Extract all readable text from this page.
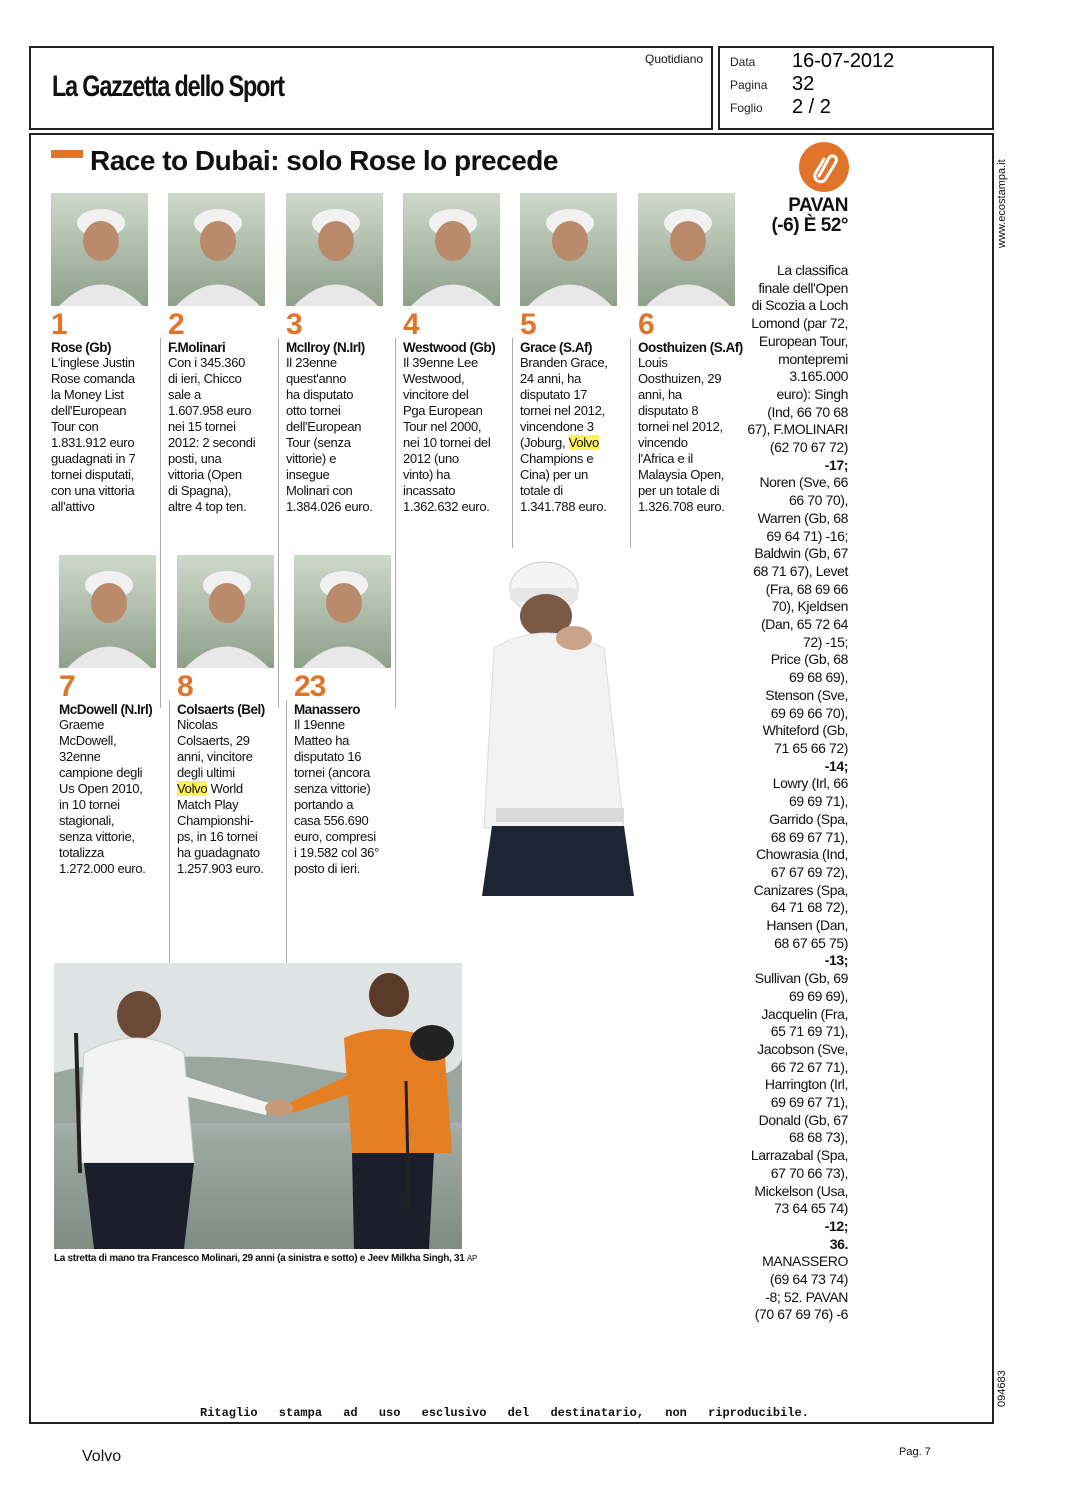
La Gazzetta dello Sport
Quotidiano Data 16-07-2012
Pagina 32
Foglio 2 / 2
www.ecostampa.it
094683
Race to Dubai: solo Rose lo precede
1
Rose (Gb)
L'inglese Justin
Rose comanda
la Money List
dell'European
Tour con
1.831.912 euro
guadagnati in 7
tornei disputati,
con una vittoria
all'attivo
2
F.Molinari
Con i 345.360
di ieri, Chicco
sale a
1.607.958 euro
nei 15 tornei
2012: 2 secondi
posti, una
vittoria (Open
di Spagna),
altre 4 top ten.
3
McIlroy (N.Irl)
Il 23enne
quest'anno
ha disputato
otto tornei
dell'European
Tour (senza
vittorie) e
insegue
Molinari con
1.384.026 euro.
4
Westwood (Gb)
Il 39enne Lee
Westwood,
vincitore del
Pga European
Tour nel 2000,
nei 10 tornei del
2012 (uno
vinto) ha
incassato
1.362.632 euro.
5
Grace (S.Af)
Branden Grace,
24 anni, ha
disputato 17
tornei nel 2012,
vincendone 3
(Joburg, Volvo
Champions e
Cina) per un
totale di
1.341.788 euro.
6
Oosthuizen (S.Af)
Louis
Oosthuizen, 29
anni, ha
disputato 8
tornei nel 2012,
vincendo
l'Africa e il
Malaysia Open,
per un totale di
1.326.708 euro.
7
McDowell (N.Irl)
Graeme
McDowell,
32enne
campione degli
Us Open 2010,
in 10 tornei
stagionali,
senza vittorie,
totalizza
1.272.000 euro.
8
Colsaerts (Bel)
Nicolas
Colsaerts, 29
anni, vincitore
degli ultimi
Volvo World
Match Play
Championshi-
ps, in 16 tornei
ha guadagnato
1.257.903 euro.
23
Manassero
Il 19enne
Matteo ha
disputato 16
tornei (ancora
senza vittorie)
portando a
casa 556.690
euro, compresi
i 19.582 col 36°
posto di ieri.
La stretta di mano tra Francesco Molinari, 29 anni (a sinistra e sotto) e Jeev Milkha Singh, 31 AP
PAVAN
(-6) È 52°
La classifica
finale dell'Open
di Scozia a Loch
Lomond (par 72,
European Tour,
montepremi
3.165.000
euro): Singh
(Ind, 66 70 68
67), F.MOLINARI
(62 70 67 72)
-17;
Noren (Sve, 66
66 70 70),
Warren (Gb, 68
69 64 71) -16;
Baldwin (Gb, 67
68 71 67), Levet
(Fra, 68 69 66
70), Kjeldsen
(Dan, 65 72 64
72) -15;
Price (Gb, 68
69 68 69),
Stenson (Sve,
69 69 66 70),
Whiteford (Gb,
71 65 66 72)
-14;
Lowry (Irl, 66
69 69 71),
Garrido (Spa,
68 69 67 71),
Chowrasia (Ind,
67 67 69 72),
Canizares (Spa,
64 71 68 72),
Hansen (Dan,
68 67 65 75)
-13;
Sullivan (Gb, 69
69 69 69),
Jacquelin (Fra,
65 71 69 71),
Jacobson (Sve,
66 72 67 71),
Harrington (Irl,
69 69 67 71),
Donald (Gb, 67
68 68 73),
Larrazabal (Spa,
67 70 66 73),
Mickelson (Usa,
73 64 65 74)
-12;
36.
MANASSERO
(69 64 73 74)
-8; 52. PAVAN
(70 67 69 76) -6
Ritaglio stampa ad uso esclusivo del destinatario, non riproducibile.
Volvo	Pag. 7
